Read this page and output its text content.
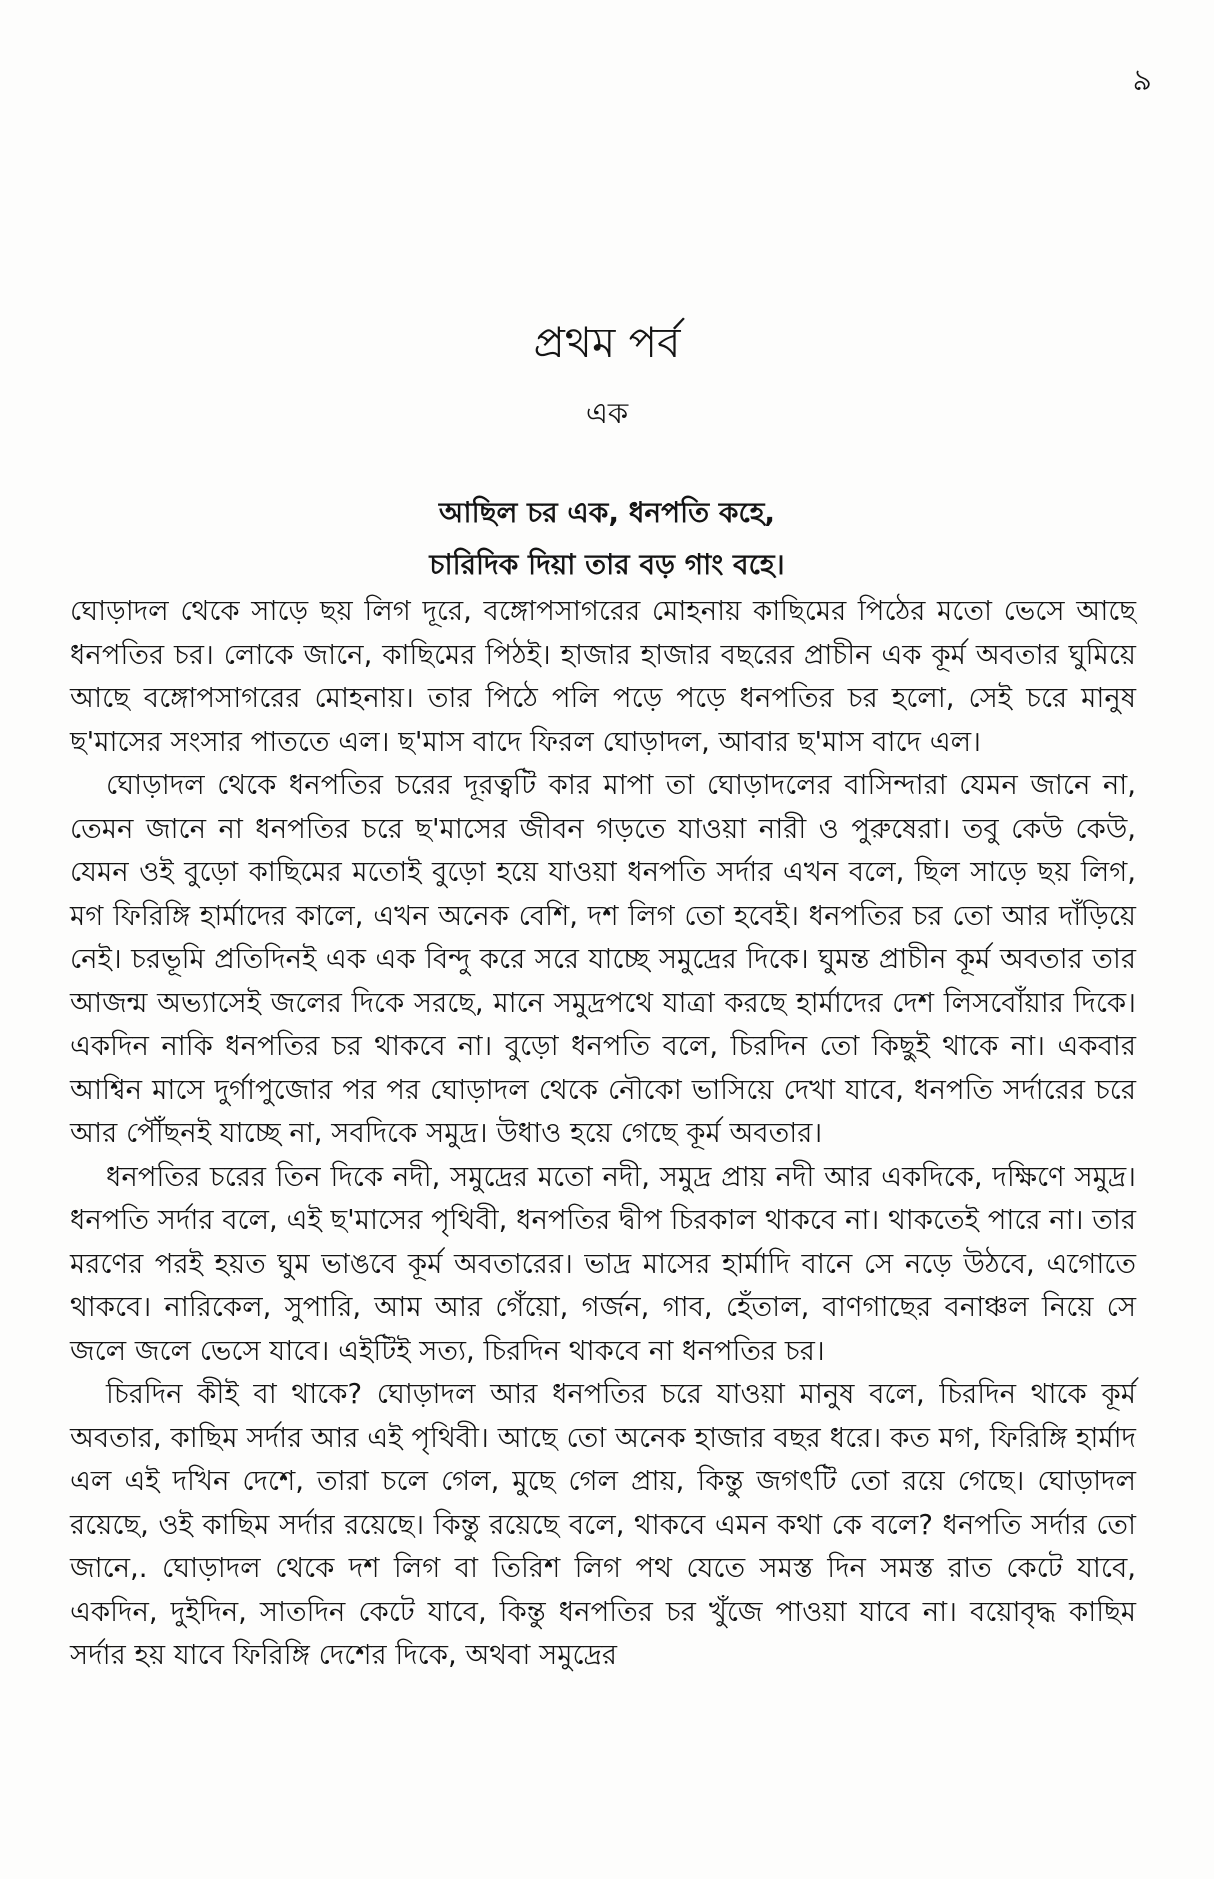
৯
প্রথম পর্ব
এক
আছিল চর এক, ধনপতি কহে,
চারিদিক দিয়া তার বড় গাং বহে।

ঘোড়াদল থেকে সাড়ে ছয় লিগ দূরে, বঙ্গোপসাগরের মোহনায় কাছিমের পিঠের মতো ভেসে আছে ধনপতির চর। লোকে জানে, কাছিমের পিঠই। হাজার হাজার বছরের প্রাচীন এক কূর্ম অবতার ঘুমিয়ে আছে বঙ্গোপসাগরের মোহনায়। তার পিঠে পলি পড়ে পড়ে ধনপতির চর হলো, সেই চরে মানুষ ছ'মাসের সংসার পাততে এল। ছ'মাস বাদে ফিরল ঘোড়াদল, আবার ছ'মাস বাদে এল।

ঘোড়াদল থেকে ধনপতির চরের দূরত্বটি কার মাপা তা ঘোড়াদলের বাসিন্দারা যেমন জানে না, তেমন জানে না ধনপতির চরে ছ'মাসের জীবন গড়তে যাওয়া নারী ও পুরুষেরা। তবু কেউ কেউ, যেমন ওই বুড়ো কাছিমের মতোই বুড়ো হয়ে যাওয়া ধনপতি সর্দার এখন বলে, ছিল সাড়ে ছয় লিগ, মগ ফিরিঙ্গি হার্মাদের কালে, এখন অনেক বেশি, দশ লিগ তো হবেই। ধনপতির চর তো আর দাঁড়িয়ে নেই। চরভূমি প্রতিদিনই এক এক বিন্দু করে সরে যাচ্ছে সমুদ্রের দিকে। ঘুমন্ত প্রাচীন কূর্ম অবতার তার আজন্ম অভ্যাসেই জলের দিকে সরছে, মানে সমুদ্রপথে যাত্রা করছে হার্মাদের দেশ লিসবোঁয়ার দিকে। একদিন নাকি ধনপতির চর থাকবে না। বুড়ো ধনপতি বলে, চিরদিন তো কিছুই থাকে না। একবার আশ্বিন মাসে দুর্গাপুজোর পর পর ঘোড়াদল থেকে নৌকো ভাসিয়ে দেখা যাবে, ধনপতি সর্দারের চরে আর পৌঁছনই যাচ্ছে না, সবদিকে সমুদ্র। উধাও হয়ে গেছে কূর্ম অবতার।

ধনপতির চরের তিন দিকে নদী, সমুদ্রের মতো নদী, সমুদ্র প্রায় নদী আর একদিকে, দক্ষিণে সমুদ্র। ধনপতি সর্দার বলে, এই ছ'মাসের পৃথিবী, ধনপতির দ্বীপ চিরকাল থাকবে না। থাকতেই পারে না। তার মরণের পরই হয়ত ঘুম ভাঙবে কূর্ম অবতারের। ভাদ্র মাসের হার্মাদি বানে সে নড়ে উঠবে, এগোতে থাকবে। নারিকেল, সুপারি, আম আর গেঁয়ো, গর্জন, গাব, হেঁতাল, বাণগাছের বনাঞ্চল নিয়ে সে জলে জলে ভেসে যাবে। এইটিই সত্য, চিরদিন থাকবে না ধনপতির চর।

চিরদিন কীই বা থাকে? ঘোড়াদল আর ধনপতির চরে যাওয়া মানুষ বলে, চিরদিন থাকে কূর্ম অবতার, কাছিম সর্দার আর এই পৃথিবী। আছে তো অনেক হাজার বছর ধরে। কত মগ, ফিরিঙ্গি হার্মাদ এল এই দখিন দেশে, তারা চলে গেল, মুছে গেল প্রায়, কিন্তু জগৎটি তো রয়ে গেছে। ঘোড়াদল রয়েছে, ওই কাছিম সর্দার রয়েছে। কিন্তু রয়েছে বলে, থাকবে এমন কথা কে বলে? ধনপতি সর্দার তো জানে,. ঘোড়াদল থেকে দশ লিগ বা তিরিশ লিগ পথ যেতে সমস্ত দিন সমস্ত রাত কেটে যাবে, একদিন, দুইদিন, সাতদিন কেটে যাবে, কিন্তু ধনপতির চর খুঁজে পাওয়া যাবে না। বয়োবৃদ্ধ কাছিম সর্দার হয় যাবে ফিরিঙ্গি দেশের দিকে, অথবা সমুদ্রের
